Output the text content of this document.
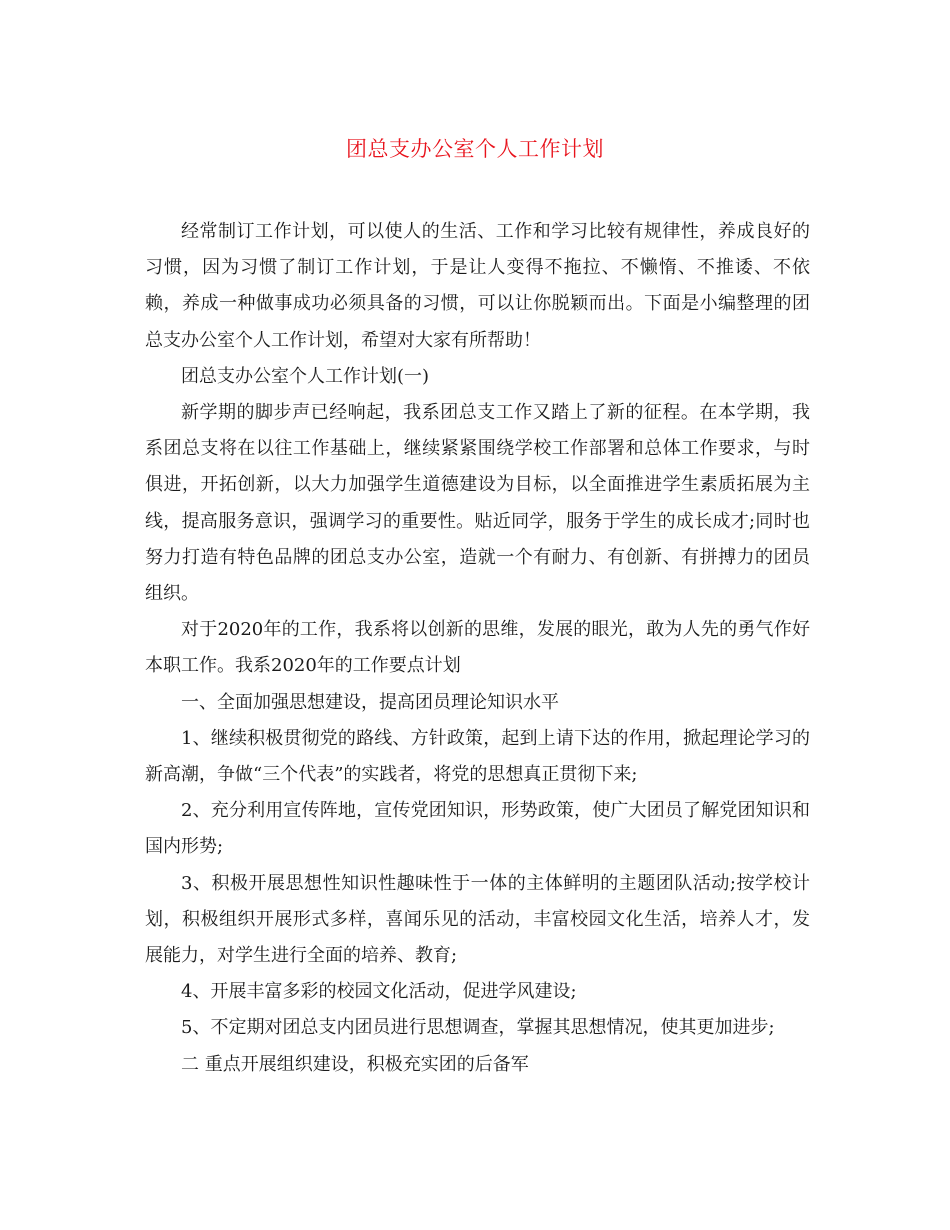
团总支办公室个人工作计划

经常制订工作计划，可以使人的生活、工作和学习比较有规律性，养成良好的习惯，因为习惯了制订工作计划，于是让人变得不拖拉、不懒惰、不推诿、不依赖，养成一种做事成功必须具备的习惯，可以让你脱颖而出。下面是小编整理的团总支办公室个人工作计划，希望对大家有所帮助！

团总支办公室个人工作计划(一)

新学期的脚步声已经响起，我系团总支工作又踏上了新的征程。在本学期，我系团总支将在以往工作基础上，继续紧紧围绕学校工作部署和总体工作要求，与时俱进，开拓创新，以大力加强学生道德建设为目标，以全面推进学生素质拓展为主线，提高服务意识，强调学习的重要性。贴近同学，服务于学生的成长成才;同时也努力打造有特色品牌的团总支办公室，造就一个有耐力、有创新、有拼搏力的团员组织。

对于2020年的工作，我系将以创新的思维，发展的眼光，敢为人先的勇气作好本职工作。我系2020年的工作要点计划

一、全面加强思想建设，提高团员理论知识水平

1、继续积极贯彻党的路线、方针政策，起到上请下达的作用，掀起理论学习的新高潮，争做“三个代表”的实践者，将党的思想真正贯彻下来;

2、充分利用宣传阵地，宣传党团知识，形势政策，使广大团员了解党团知识和国内形势;

3、积极开展思想性知识性趣味性于一体的主体鲜明的主题团队活动;按学校计划，积极组织开展形式多样，喜闻乐见的活动，丰富校园文化生活，培养人才，发展能力，对学生进行全面的培养、教育;

4、开展丰富多彩的校园文化活动，促进学风建设;

5、不定期对团总支内团员进行思想调查，掌握其思想情况，使其更加进步;

二 重点开展组织建设，积极充实团的后备军
